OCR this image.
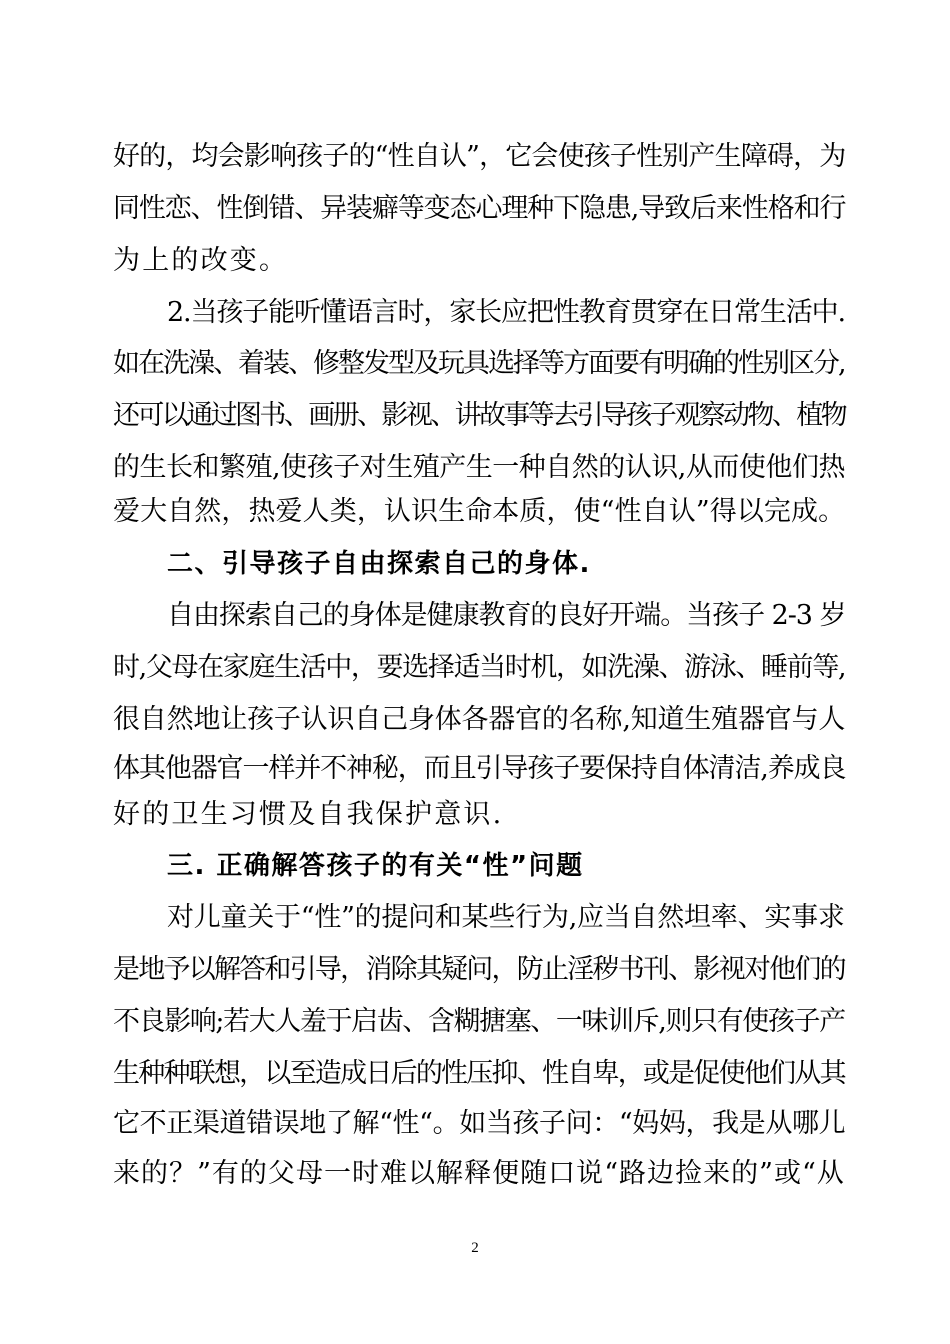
好的，均会影响孩子的“性自认”，它会使孩子性别产生障碍，为
同性恋、性倒错、异装癖等变态心理种下隐患,导致后来性格和行
为上的改变。
2.当孩子能听懂语言时，家长应把性教育贯穿在日常生活中.
如在洗澡、着装、修整发型及玩具选择等方面要有明确的性别区分,
还可以通过图书、画册、影视、讲故事等去引导孩子观察动物、植物
的生长和繁殖,使孩子对生殖产生一种自然的认识,从而使他们热
爱大自然，热爱人类，认识生命本质，使“性自认”得以完成。
二、引导孩子自由探索自己的身体.
自由探索自己的身体是健康教育的良好开端。当孩子 2-3 岁
时,父母在家庭生活中，要选择适当时机，如洗澡、游泳、睡前等,
很自然地让孩子认识自己身体各器官的名称,知道生殖器官与人
体其他器官一样并不神秘，而且引导孩子要保持自体清洁,养成良
好的卫生习惯及自我保护意识.
三. 正确解答孩子的有关“性”问题
对儿童关于“性”的提问和某些行为,应当自然坦率、实事求
是地予以解答和引导，消除其疑问，防止淫秽书刊、影视对他们的
不良影响;若大人羞于启齿、含糊搪塞、一味训斥,则只有使孩子产
生种种联想，以至造成日后的性压抑、性自卑，或是促使他们从其
它不正渠道错误地了解“性“。如当孩子问：“妈妈，我是从哪儿
来的？”有的父母一时难以解释便随口说“路边捡来的”或“从
2
